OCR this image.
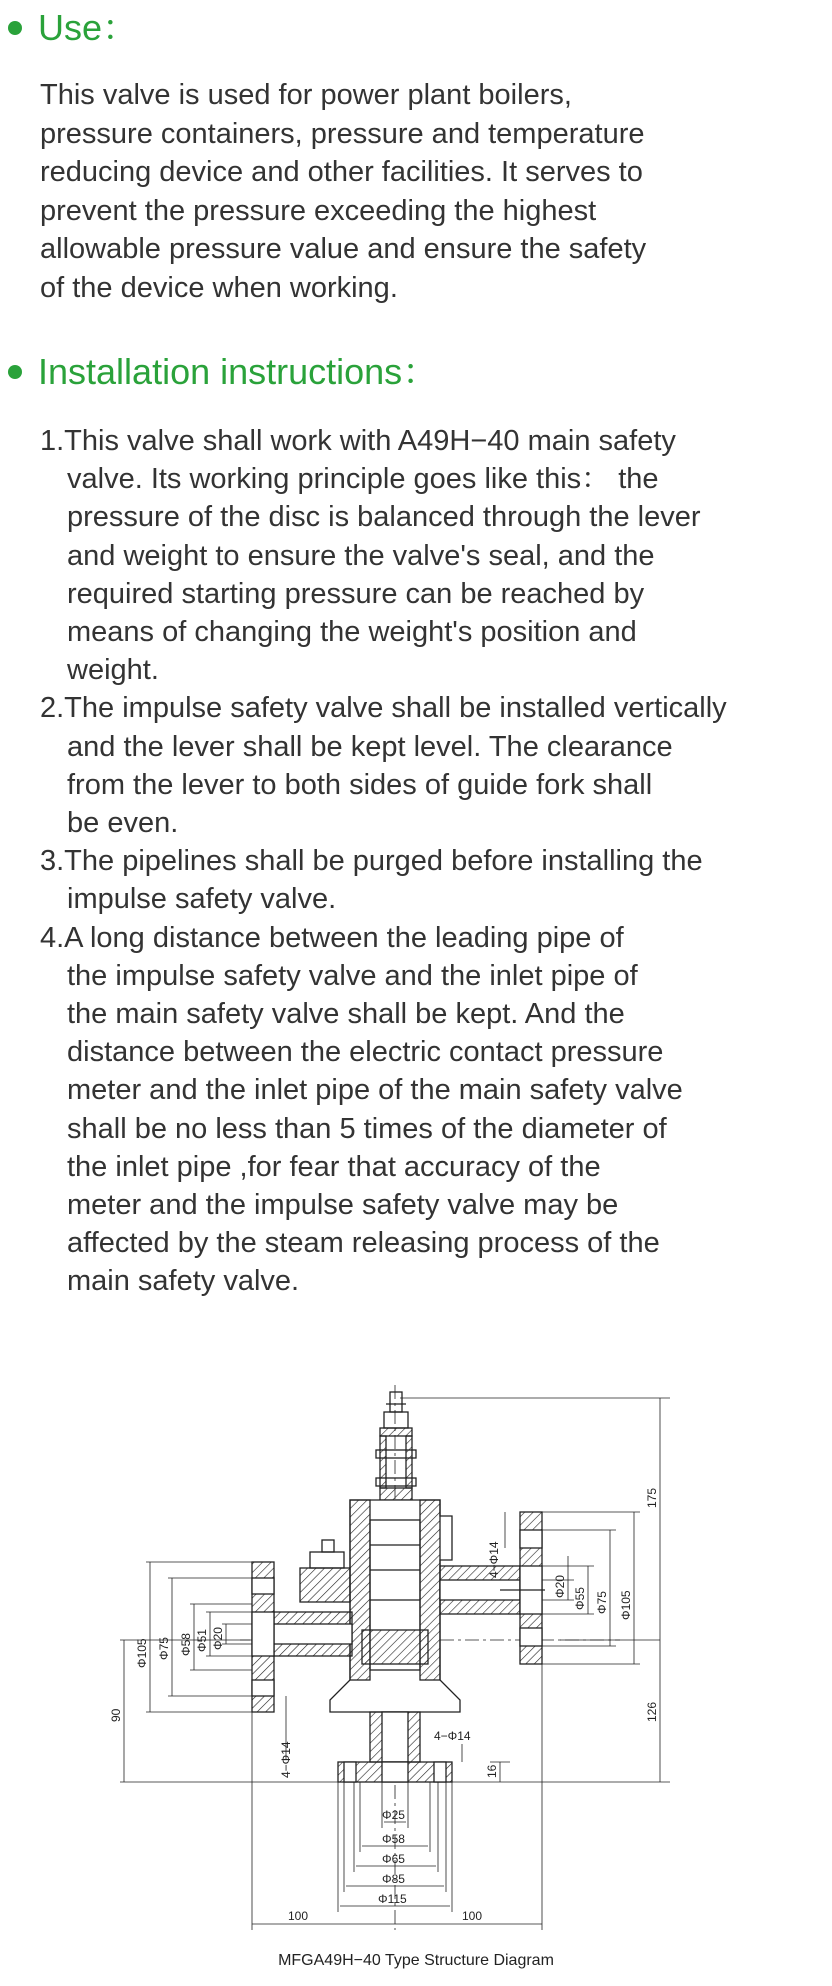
Use：
This valve is used for power plant boilers,
pressure containers, pressure and temperature
reducing device and other facilities. It serves to
prevent the pressure exceeding the highest
allowable pressure value and ensure the safety
of the device when working.
Installation instructions：
1.This valve shall work with A49H−40 main safety
valve. Its working principle goes like this： the
pressure of the disc is balanced through the lever
and weight to ensure the valve's seal, and the
required starting pressure can be reached by
means of changing the weight's position and
weight.
2.The impulse safety valve shall be installed vertically
and the lever shall be kept level. The clearance
from the lever to both sides of guide fork shall
be even.
3.The pipelines shall be purged before installing the
impulse safety valve.
4.A long distance between the leading pipe of
the impulse safety valve and the inlet pipe of
the main safety valve shall be kept. And the
distance between the electric contact pressure
meter and the inlet pipe of the main safety valve
shall be no less than 5 times of the diameter of
the inlet pipe ,for fear that accuracy of the
meter and the impulse safety valve may be
affected by the steam releasing process of the
main safety valve.
175
126
90
16
100	100
4−Φ14
4−Φ14
4−Φ14
Φ20
Φ55 Φ75 Φ105
Φ105 Φ75 Φ58 Φ51 Φ20
Φ25
Φ58
Φ65
Φ85
Φ115
MFGA49H−40 Type Structure Diagram
